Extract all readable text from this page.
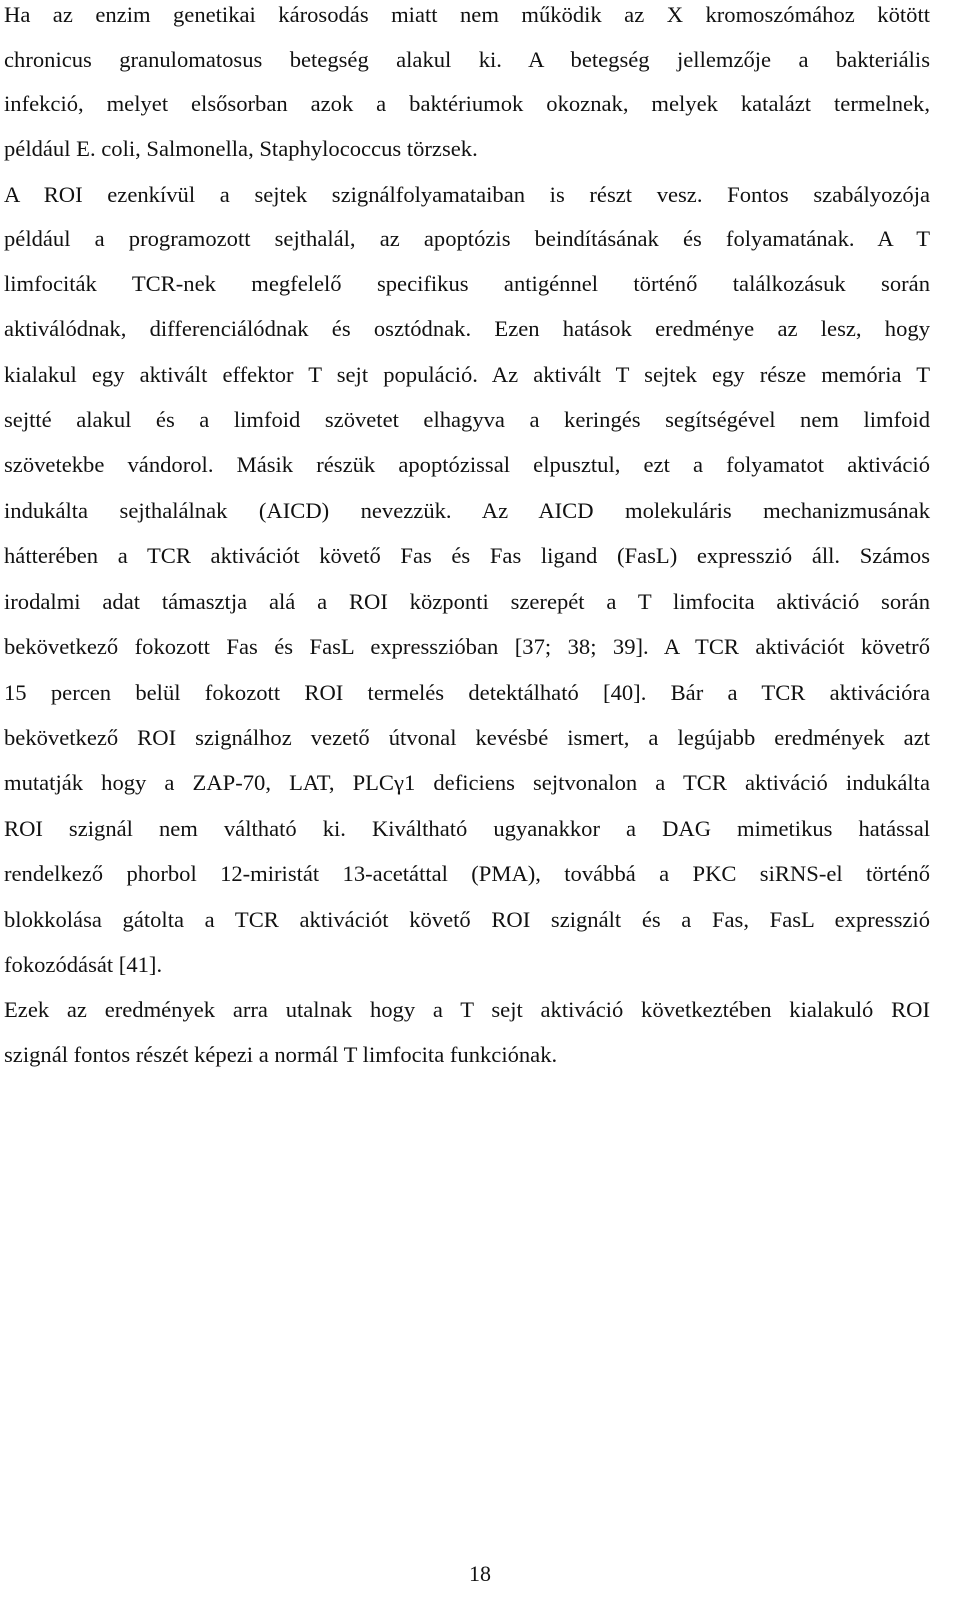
Ha az enzim genetikai károsodás miatt nem működik az X kromoszómához kötött
chronicus granulomatosus betegség alakul ki. A betegség jellemzője a bakteriális
infekció, melyet elsősorban azok a baktériumok okoznak, melyek katalázt termelnek,
például E. coli, Salmonella, Staphylococcus törzsek.
A ROI ezenkívül a sejtek szignálfolyamataiban is részt vesz. Fontos szabályozója
például a programozott sejthalál, az apoptózis beindításának és folyamatának. A T
limfociták TCR-nek megfelelő specifikus antigénnel történő találkozásuk során
aktiválódnak, differenciálódnak és osztódnak. Ezen hatások eredménye az lesz, hogy
kialakul egy aktivált effektor T sejt populáció. Az aktivált T sejtek egy része memória T
sejtté alakul és a limfoid szövetet elhagyva a keringés segítségével nem limfoid
szövetekbe vándorol. Másik részük apoptózissal elpusztul, ezt a folyamatot aktiváció
indukálta sejthalálnak (AICD) nevezzük. Az AICD molekuláris mechanizmusának
hátterében a TCR aktivációt követő Fas és Fas ligand (FasL) expresszió áll. Számos
irodalmi adat támasztja alá a ROI központi szerepét a T limfocita aktiváció során
bekövetkező fokozott Fas és FasL expresszióban [37; 38; 39]. A TCR aktivációt követrő
15 percen belül fokozott ROI termelés detektálható [40]. Bár a TCR aktivációra
bekövetkező ROI szignálhoz vezető útvonal kevésbé ismert, a legújabb eredmények azt
mutatják hogy a ZAP-70, LAT, PLCγ1 deficiens sejtvonalon a TCR aktiváció indukálta
ROI szignál nem váltható ki. Kiváltható ugyanakkor a DAG mimetikus hatással
rendelkező phorbol 12-miristát 13-acetáttal (PMA), továbbá a PKC siRNS-el történő
blokkolása gátolta a TCR aktivációt követő ROI szignált és a Fas, FasL expresszió
fokozódását [41].
Ezek az eredmények arra utalnak hogy a T sejt aktiváció következtében kialakuló ROI
szignál fontos részét képezi a normál T limfocita funkciónak.
18
